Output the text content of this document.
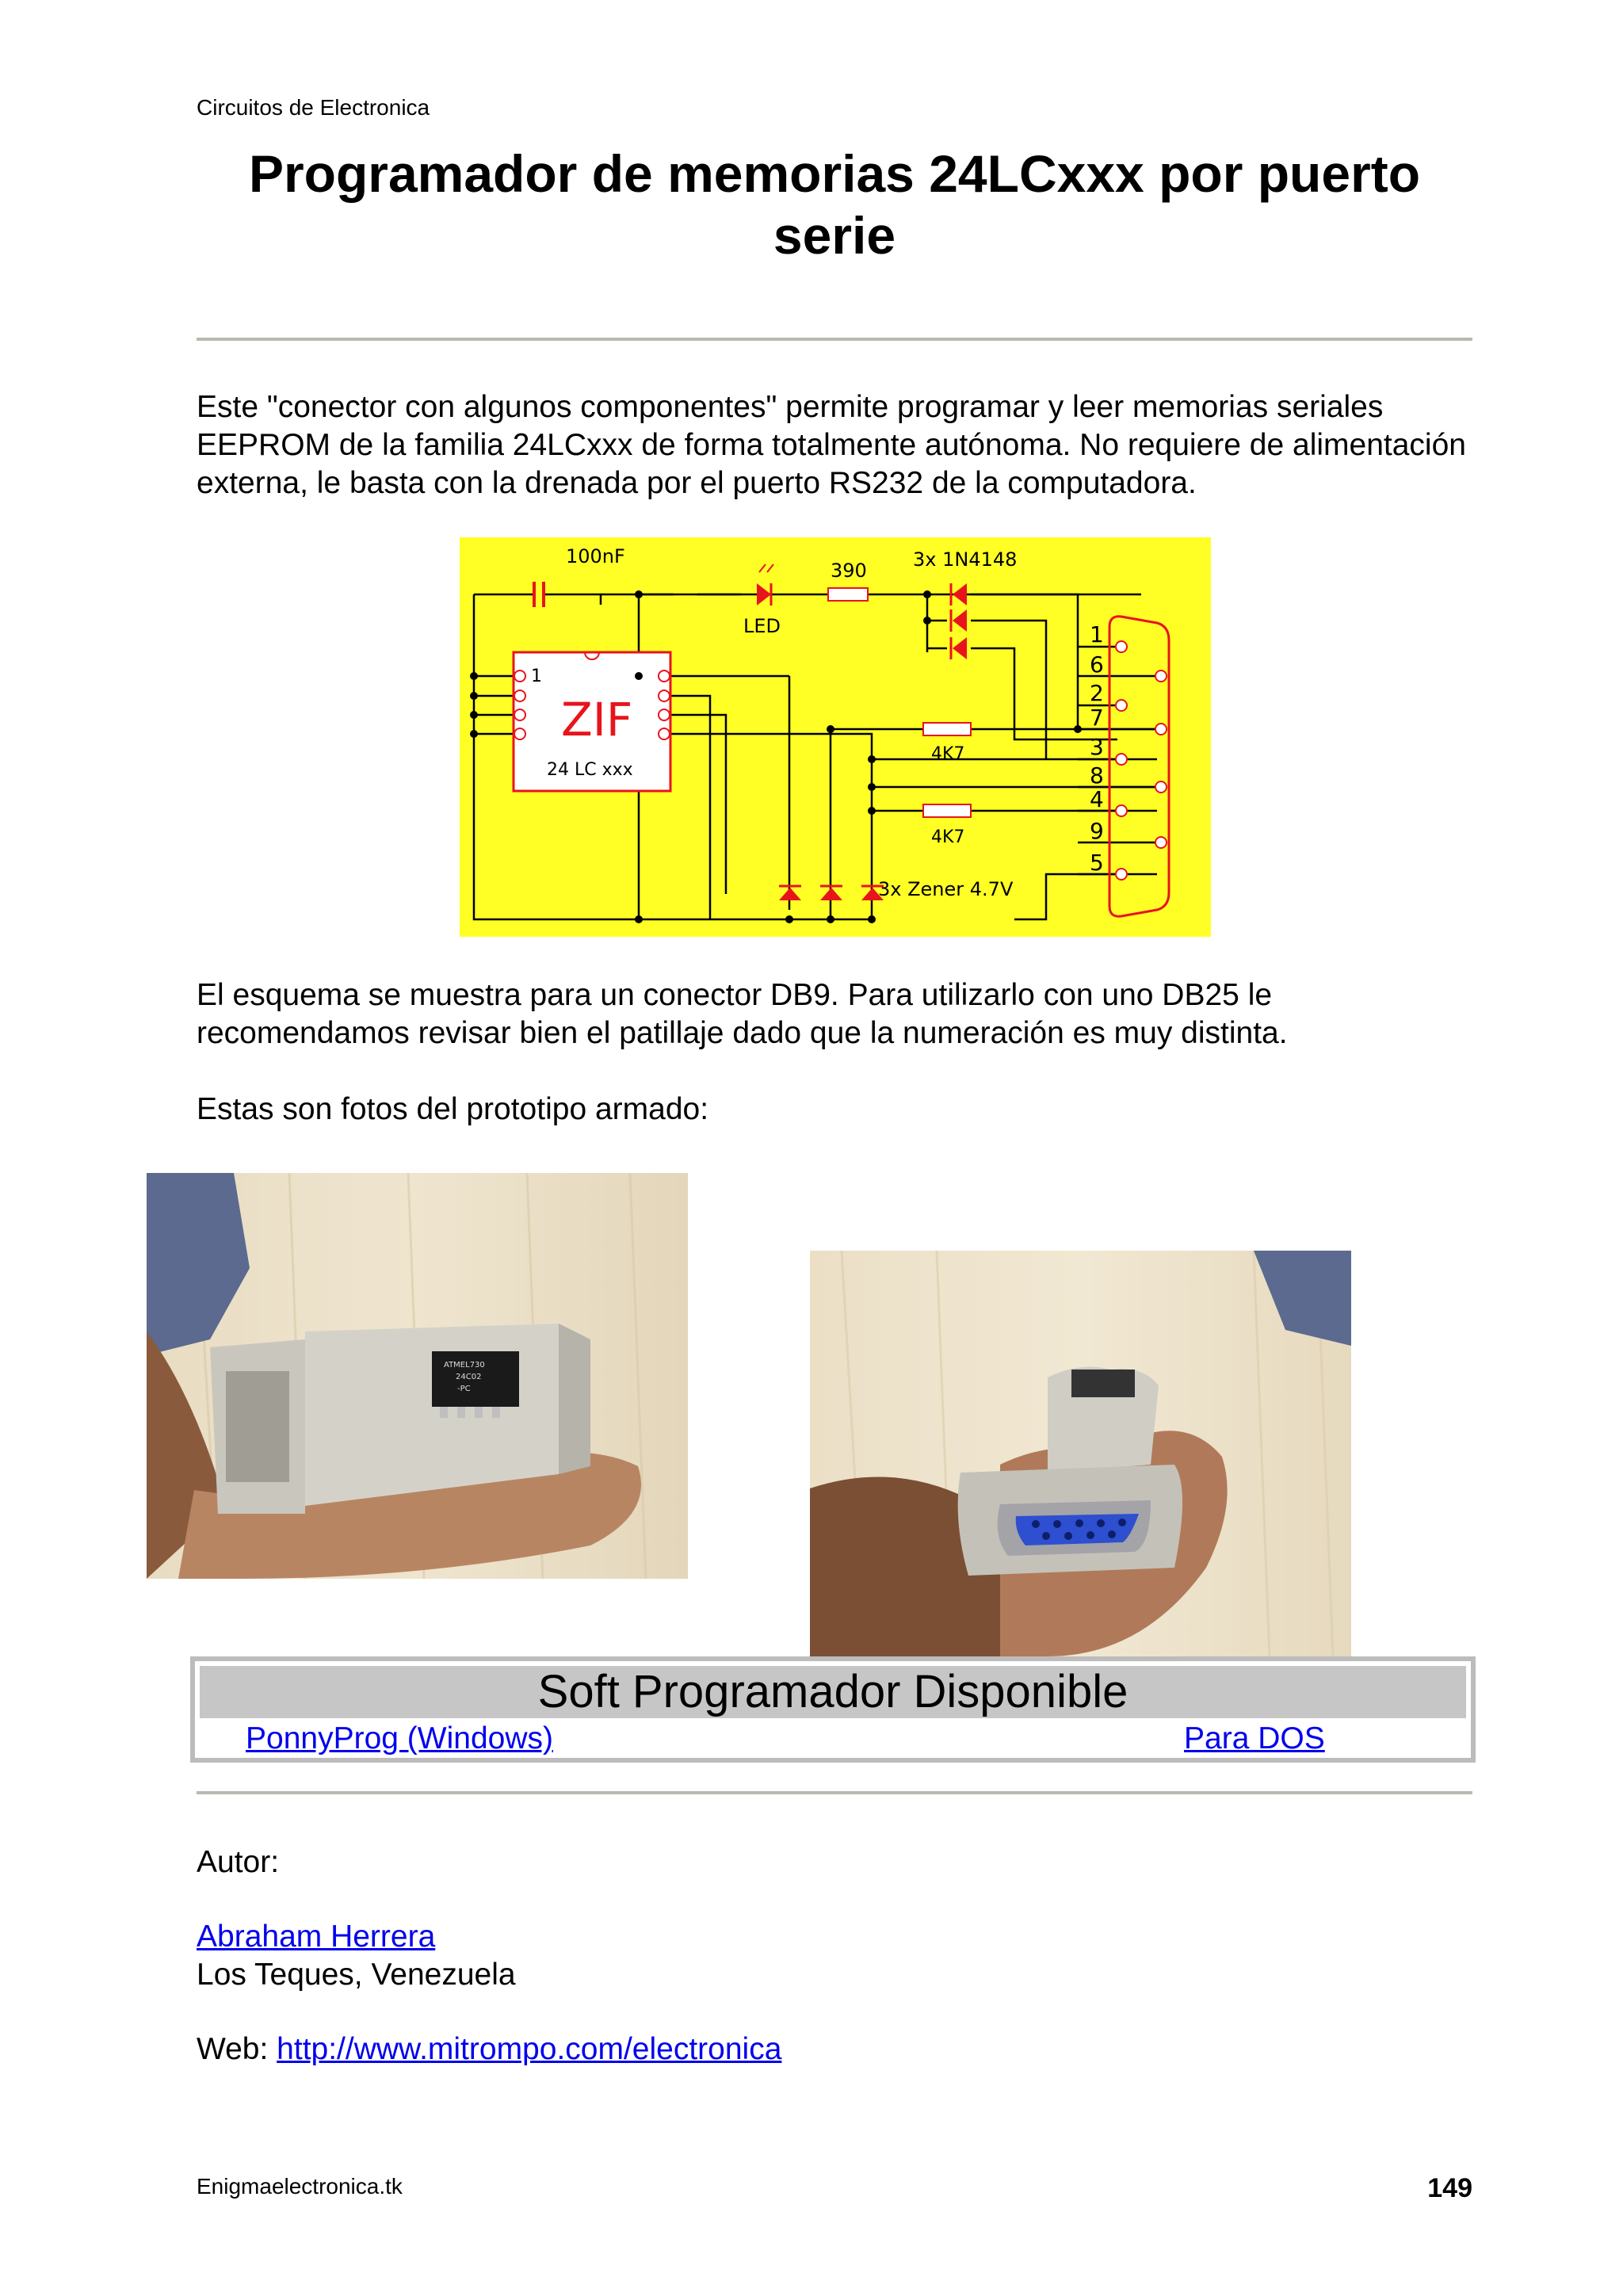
Circuitos de Electronica
Programador de memorias 24LCxxx por puerto serie
Este "conector con algunos componentes" permite programar y leer memorias seriales EEPROM de la familia 24LCxxx de forma totalmente autónoma. No requiere de alimentación externa, le basta con la drenada por el puerto RS232 de la computadora.
100nF
390
LED
3x 1N4148
ZIF
24 LC xxx
1
4K7
4K7
3x Zener 4.7V
1
6
2
7
3
8
4
9
5
El esquema se muestra para un conector DB9. Para utilizarlo con uno DB25 le recomendamos revisar bien el patillaje dado que la numeración es muy distinta.
Estas son fotos del prototipo armado:
ATMEL730
24C02
-PC
Soft Programador Disponible
PonnyProg (Windows)	Para DOS
Autor:
Abraham Herrera
Los Teques, Venezuela
Web: http://www.mitrompo.com/electronica
Enigmaelectronica.tk	149
